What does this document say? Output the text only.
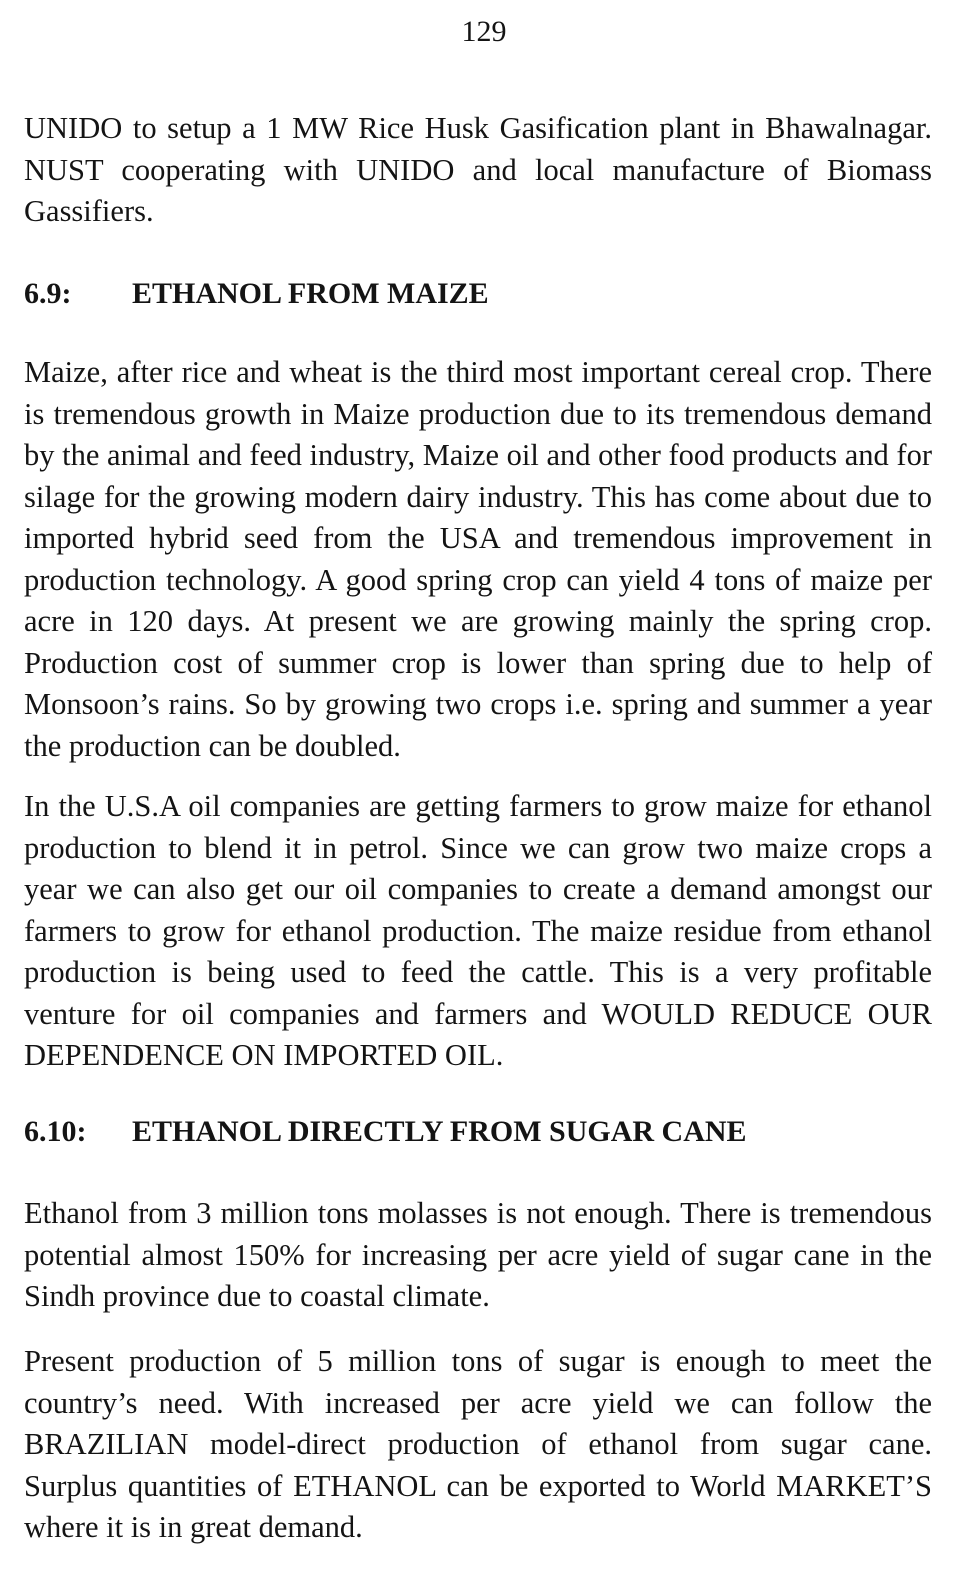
129

UNIDO to setup a 1 MW Rice Husk Gasification plant in Bhawalnagar. NUST cooperating with UNIDO and local manufacture of Biomass Gassifiers.

6.9: ETHANOL FROM MAIZE

Maize, after rice and wheat is the third most important cereal crop. There is tremendous growth in Maize production due to its tremendous demand by the animal and feed industry, Maize oil and other food products and for silage for the growing modern dairy industry. This has come about due to imported hybrid seed from the USA and tremendous improvement in production technology. A good spring crop can yield 4 tons of maize per acre in 120 days. At present we are growing mainly the spring crop. Production cost of summer crop is lower than spring due to help of Monsoon’s rains. So by growing two crops i.e. spring and summer a year the production can be doubled.

In the U.S.A oil companies are getting farmers to grow maize for ethanol production to blend it in petrol. Since we can grow two maize crops a year we can also get our oil companies to create a demand amongst our farmers to grow for ethanol production. The maize residue from ethanol production is being used to feed the cattle. This is a very profitable venture for oil companies and farmers and WOULD REDUCE OUR DEPENDENCE ON IMPORTED OIL.

6.10: ETHANOL DIRECTLY FROM SUGAR CANE

Ethanol from 3 million tons molasses is not enough. There is tremendous potential almost 150% for increasing per acre yield of sugar cane in the Sindh province due to coastal climate.

Present production of 5 million tons of sugar is enough to meet the country’s need. With increased per acre yield we can follow the BRAZILIAN model-direct production of ethanol from sugar cane. Surplus quantities of ETHANOL can be exported to World MARKET’S where it is in great demand.
